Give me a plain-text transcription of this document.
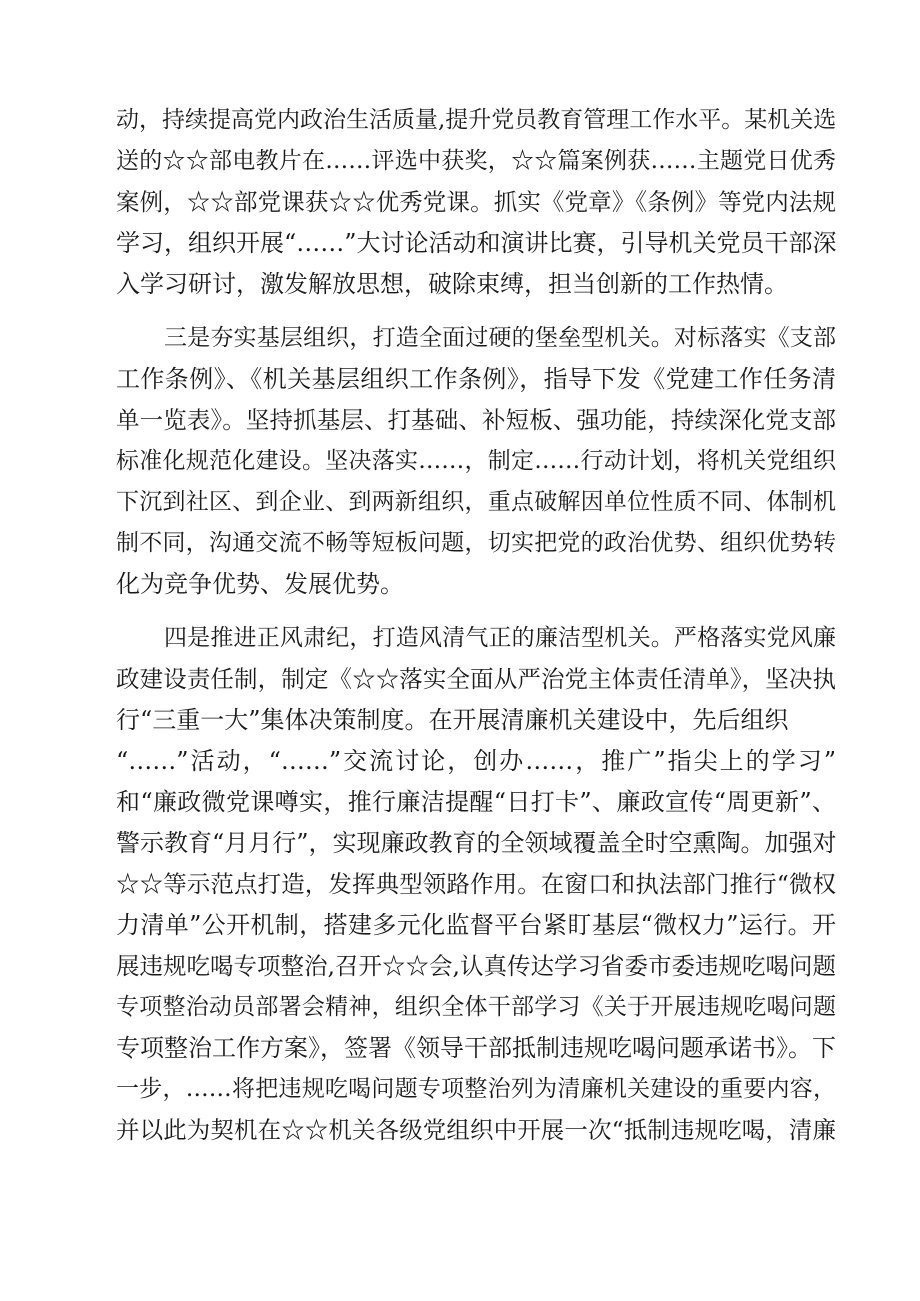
动，持续提高党内政治生活质量,提升党员教育管理工作水平。某机关选
送的☆☆部电教片在……评选中获奖，☆☆篇案例获……主题党日优秀
案例，☆☆部党课获☆☆优秀党课。抓实《党章》《条例》等党内法规
学习，组织开展“……”大讨论活动和演讲比赛，引导机关党员干部深
入学习研讨，激发解放思想，破除束缚，担当创新的工作热情。
三是夯实基层组织，打造全面过硬的堡垒型机关。对标落实《支部
工作条例》、《机关基层组织工作条例》，指导下发《党建工作任务清
单一览表》。坚持抓基层、打基础、补短板、强功能，持续深化党支部
标准化规范化建设。坚决落实……，制定……行动计划，将机关党组织
下沉到社区、到企业、到两新组织，重点破解因单位性质不同、体制机
制不同，沟通交流不畅等短板问题，切实把党的政治优势、组织优势转
化为竞争优势、发展优势。
四是推进正风肃纪，打造风清气正的廉洁型机关。严格落实党风廉
政建设责任制，制定《☆☆落实全面从严治党主体责任清单》，坚决执
行“三重一大”集体决策制度。在开展清廉机关建设中，先后组织
“……”活动，“……”交流讨论，创办……，推广”指尖上的学习”
和“廉政微党课噂实，推行廉洁提醒“日打卡”、廉政宣传“周更新”、
警示教育“月月行”，实现廉政教育的全领域覆盖全时空熏陶。加强对
☆☆等示范点打造，发挥典型领路作用。在窗口和执法部门推行“微权
力清单”公开机制，搭建多元化监督平台紧盯基层“微权力”运行。开
展违规吃喝专项整治,召开☆☆会,认真传达学习省委市委违规吃喝问题
专项整治动员部署会精神，组织全体干部学习《关于开展违规吃喝问题
专项整治工作方案》，签署《领导干部抵制违规吃喝问题承诺书》。下
一步，……将把违规吃喝问题专项整治列为清廉机关建设的重要内容，
并以此为契机在☆☆机关各级党组织中开展一次“抵制违规吃喝，清廉
